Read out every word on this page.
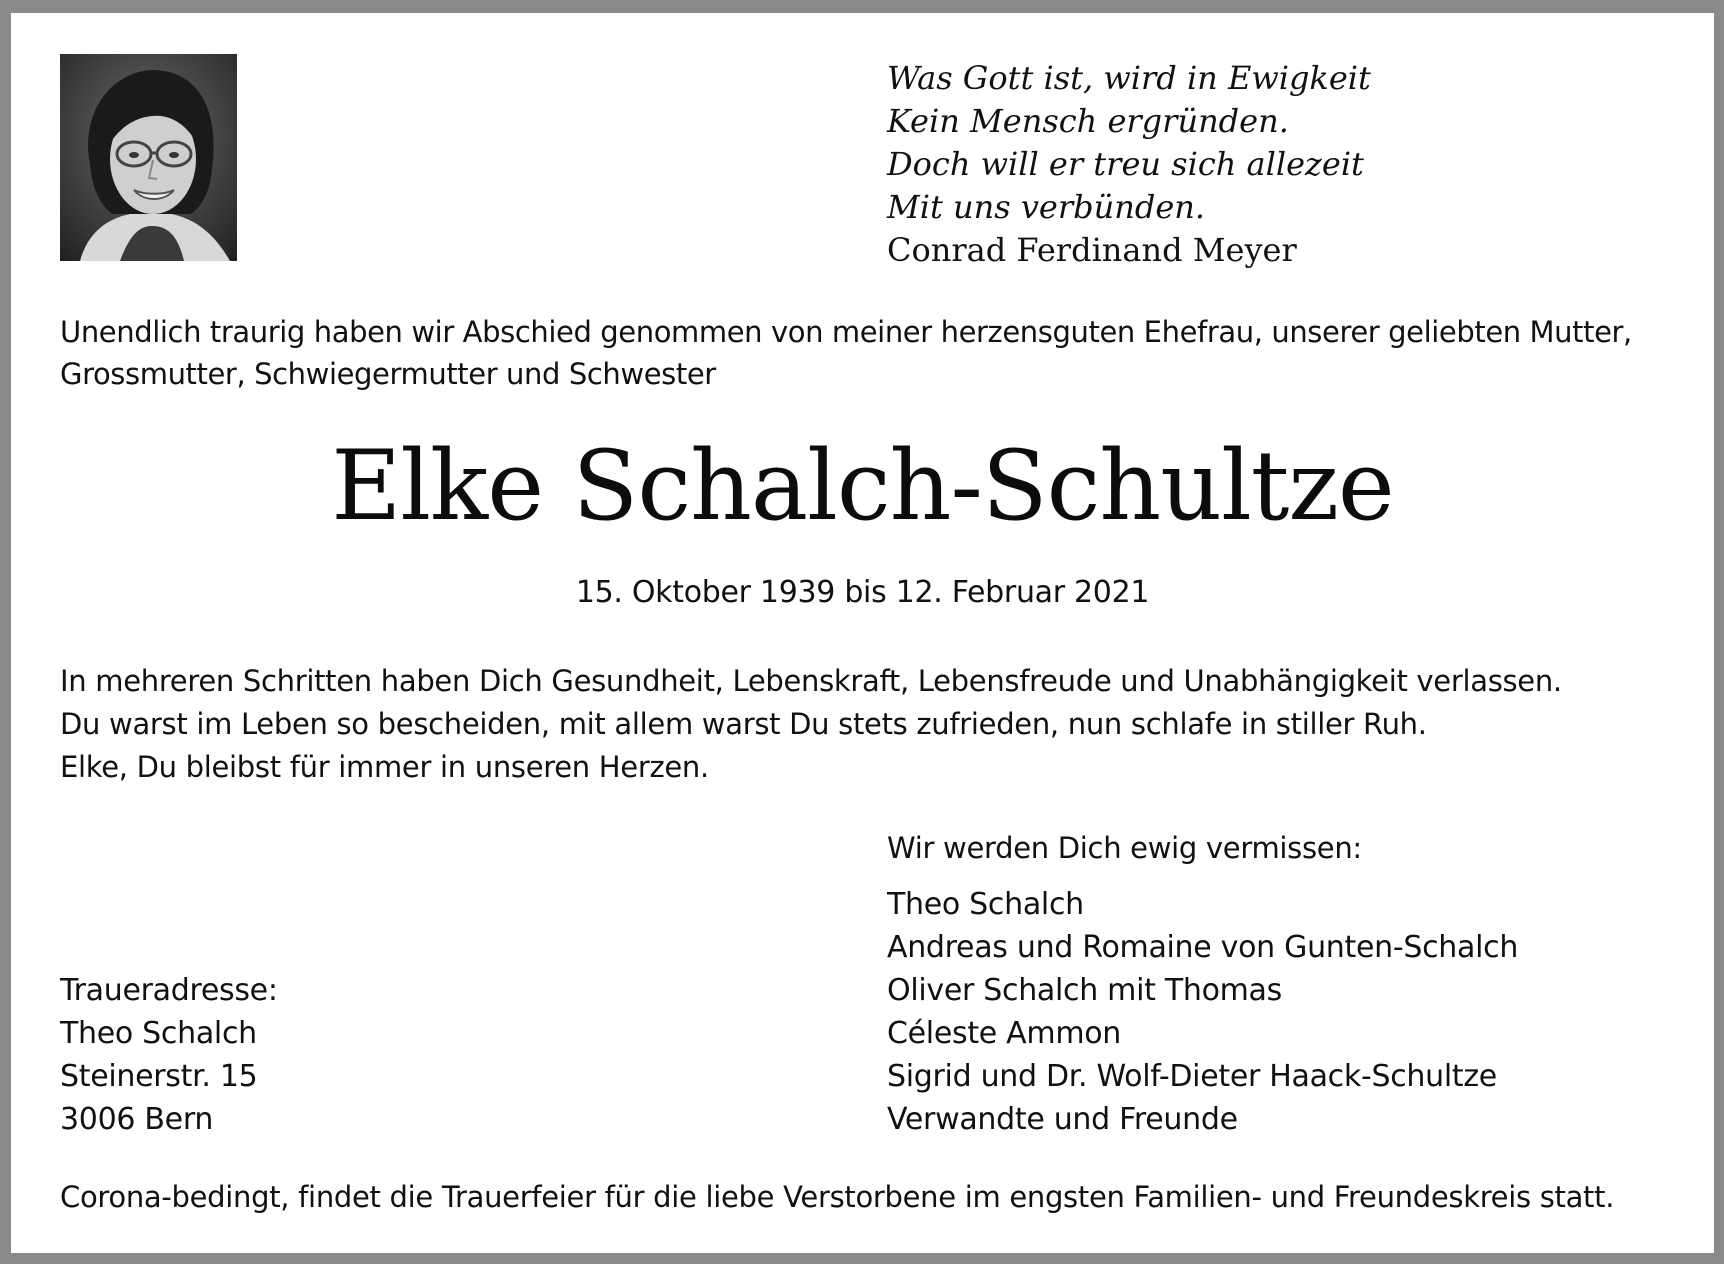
Was Gott ist, wird in Ewigkeit
Kein Mensch ergründen.
Doch will er treu sich allezeit
Mit uns verbünden.
Conrad Ferdinand Meyer
Unendlich traurig haben wir Abschied genommen von meiner herzensguten Ehefrau, unserer geliebten Mutter,
Grossmutter, Schwiegermutter und Schwester
Elke Schalch-Schultze
15. Oktober 1939 bis 12. Februar 2021
In mehreren Schritten haben Dich Gesundheit, Lebenskraft, Lebensfreude und Unabhängigkeit verlassen.
Du warst im Leben so bescheiden, mit allem warst Du stets zufrieden, nun schlafe in stiller Ruh.
Elke, Du bleibst für immer in unseren Herzen.
Wir werden Dich ewig vermissen:
Theo Schalch
Andreas und Romaine von Gunten-Schalch
Oliver Schalch mit Thomas
Céleste Ammon
Sigrid und Dr. Wolf-Dieter Haack-Schultze
Verwandte und Freunde
Traueradresse:
Theo Schalch
Steinerstr. 15
3006 Bern
Corona-bedingt, findet die Trauerfeier für die liebe Verstorbene im engsten Familien- und Freundeskreis statt.
